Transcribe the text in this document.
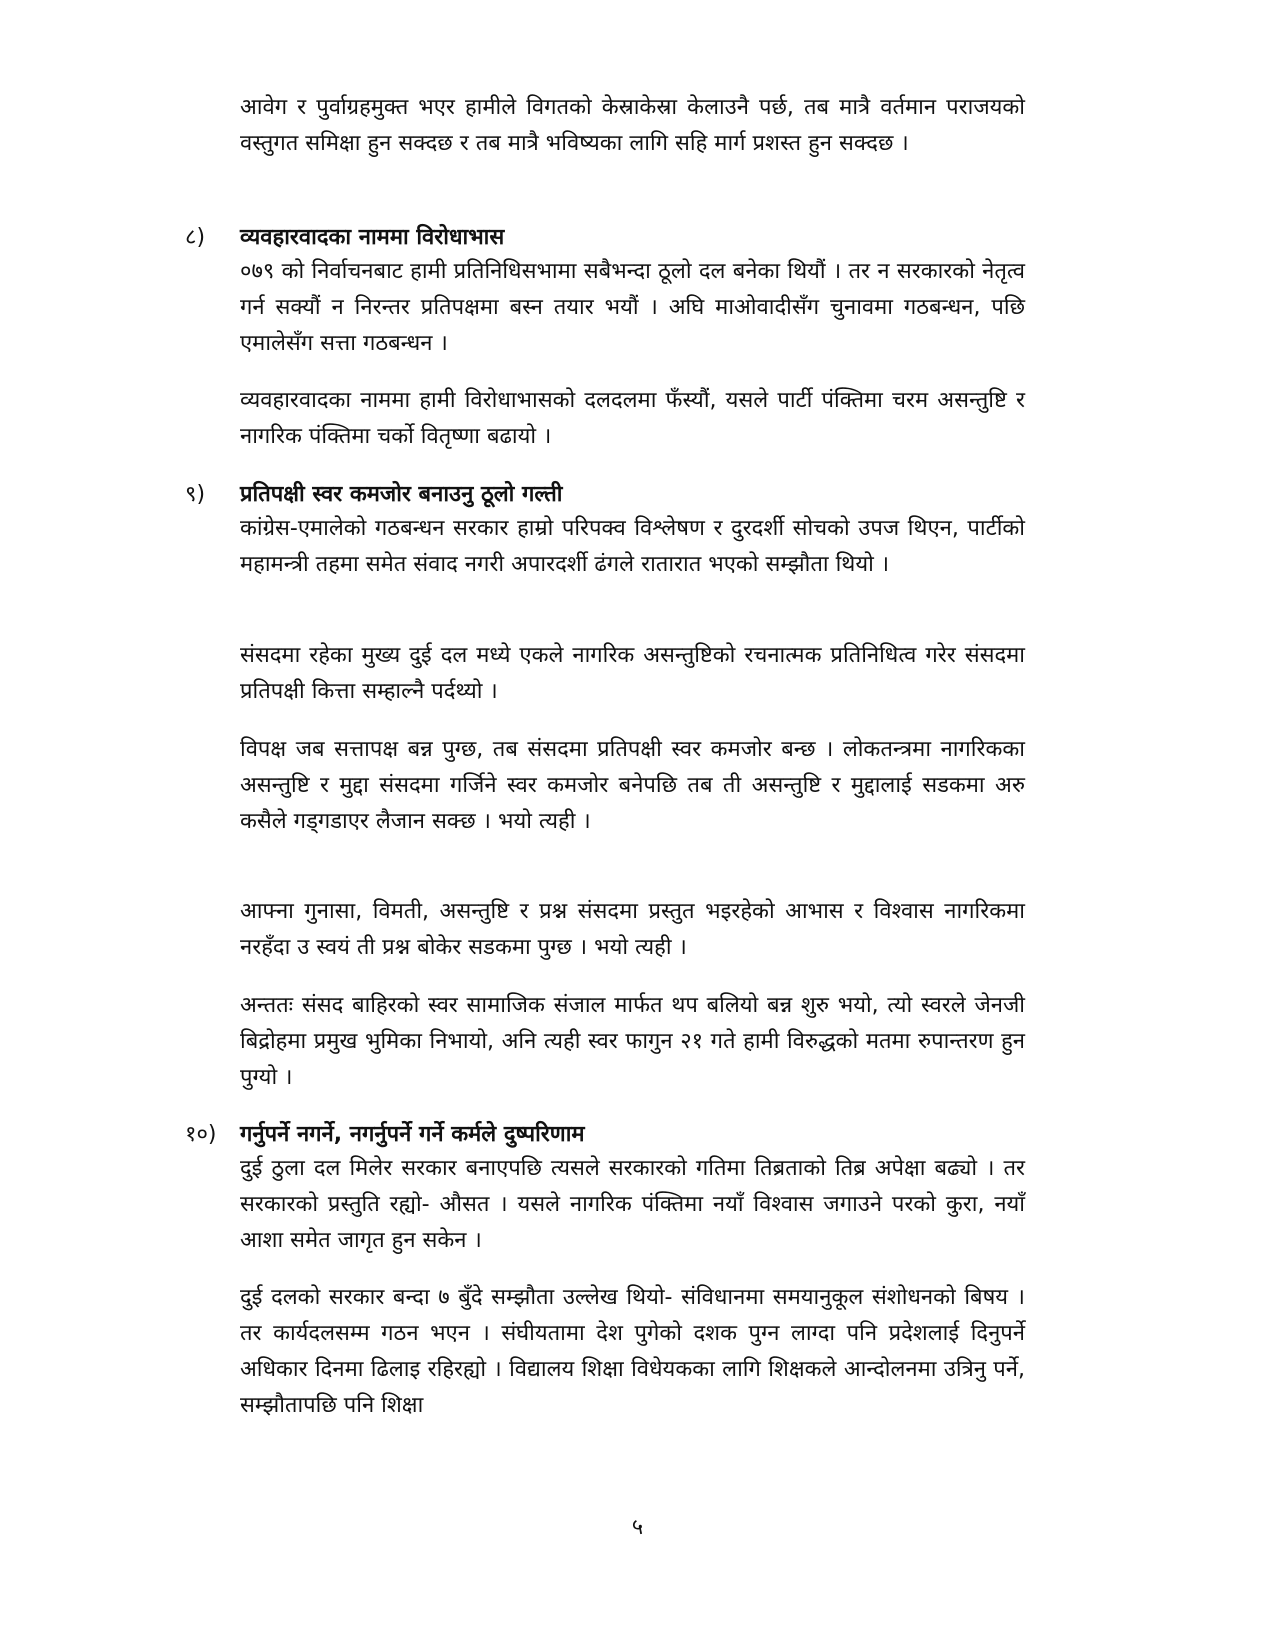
आवेग र पुर्वाग्रहमुक्त भएर हामीले विगतको केस्राकेस्रा केलाउनै पर्छ, तब मात्रै वर्तमान पराजयको वस्तुगत समिक्षा हुन सक्दछ र तब मात्रै भविष्यका लागि सहि मार्ग प्रशस्त हुन सक्दछ ।

८)	व्यवहारवादका नाममा विरोधाभास

०७९ को निर्वाचनबाट हामी प्रतिनिधिसभामा सबैभन्दा ठूलो दल बनेका थियौं । तर न सरकारको नेतृत्व गर्न सक्यौं न निरन्तर प्रतिपक्षमा बस्न तयार भयौं । अघि माओवादीसँग चुनावमा गठबन्धन, पछि एमालेसँग सत्ता गठबन्धन ।

व्यवहारवादका नाममा हामी विरोधाभासको दलदलमा फँस्यौं, यसले पार्टी पंक्तिमा चरम असन्तुष्टि र नागरिक पंक्तिमा चर्को वितृष्णा बढायो ।

९)	प्रतिपक्षी स्वर कमजोर बनाउनु ठूलो गल्ती

कांग्रेस-एमालेको गठबन्धन सरकार हाम्रो परिपक्व विश्लेषण र दुरदर्शी सोचको उपज थिएन, पार्टीको महामन्त्री तहमा समेत संवाद नगरी अपारदर्शी ढंगले रातारात भएको सम्झौता थियो ।

संसदमा रहेका मुख्य दुई दल मध्ये एकले नागरिक असन्तुष्टिको रचनात्मक प्रतिनिधित्व गरेर संसदमा प्रतिपक्षी कित्ता सम्हाल्नै पर्दथ्यो ।

विपक्ष जब सत्तापक्ष बन्न पुग्छ, तब संसदमा प्रतिपक्षी स्वर कमजोर बन्छ । लोकतन्त्रमा नागरिकका असन्तुष्टि र मुद्दा संसदमा गर्जिने स्वर कमजोर बनेपछि तब ती असन्तुष्टि र मुद्दालाई सडकमा अरु कसैले गड्गडाएर लैजान सक्छ । भयो त्यही ।

आफ्ना गुनासा, विमती, असन्तुष्टि र प्रश्न संसदमा प्रस्तुत भइरहेको आभास र विश्वास नागरिकमा नरहँदा उ स्वयं ती प्रश्न बोकेर सडकमा पुग्छ । भयो त्यही ।

अन्ततः संसद बाहिरको स्वर सामाजिक संजाल मार्फत थप बलियो बन्न शुरु भयो, त्यो स्वरले जेनजी बिद्रोहमा प्रमुख भुमिका निभायो, अनि त्यही स्वर फागुन २१ गते हामी विरुद्धको मतमा रुपान्तरण हुन पुग्यो ।

१०)	गर्नुपर्ने नगर्ने, नगर्नुपर्ने गर्ने कर्मले दुष्परिणाम

दुई ठुला दल मिलेर सरकार बनाएपछि त्यसले सरकारको गतिमा तिब्रताको तिब्र अपेक्षा बढ्यो । तर सरकारको प्रस्तुति रह्यो- औसत । यसले नागरिक पंक्तिमा नयाँ विश्वास जगाउने परको कुरा, नयाँ आशा समेत जागृत हुन सकेन ।

दुई दलको सरकार बन्दा ७ बुँदे सम्झौता उल्लेख थियो- संविधानमा समयानुकूल संशोधनको बिषय । तर कार्यदलसम्म गठन भएन । संघीयतामा देश पुगेको दशक पुग्न लाग्दा पनि प्रदेशलाई दिनुपर्ने अधिकार दिनमा ढिलाइ रहिरह्यो । विद्यालय शिक्षा विधेयकका लागि शिक्षकले आन्दोलनमा उत्रिनु पर्ने, सम्झौतापछि पनि शिक्षा

५
